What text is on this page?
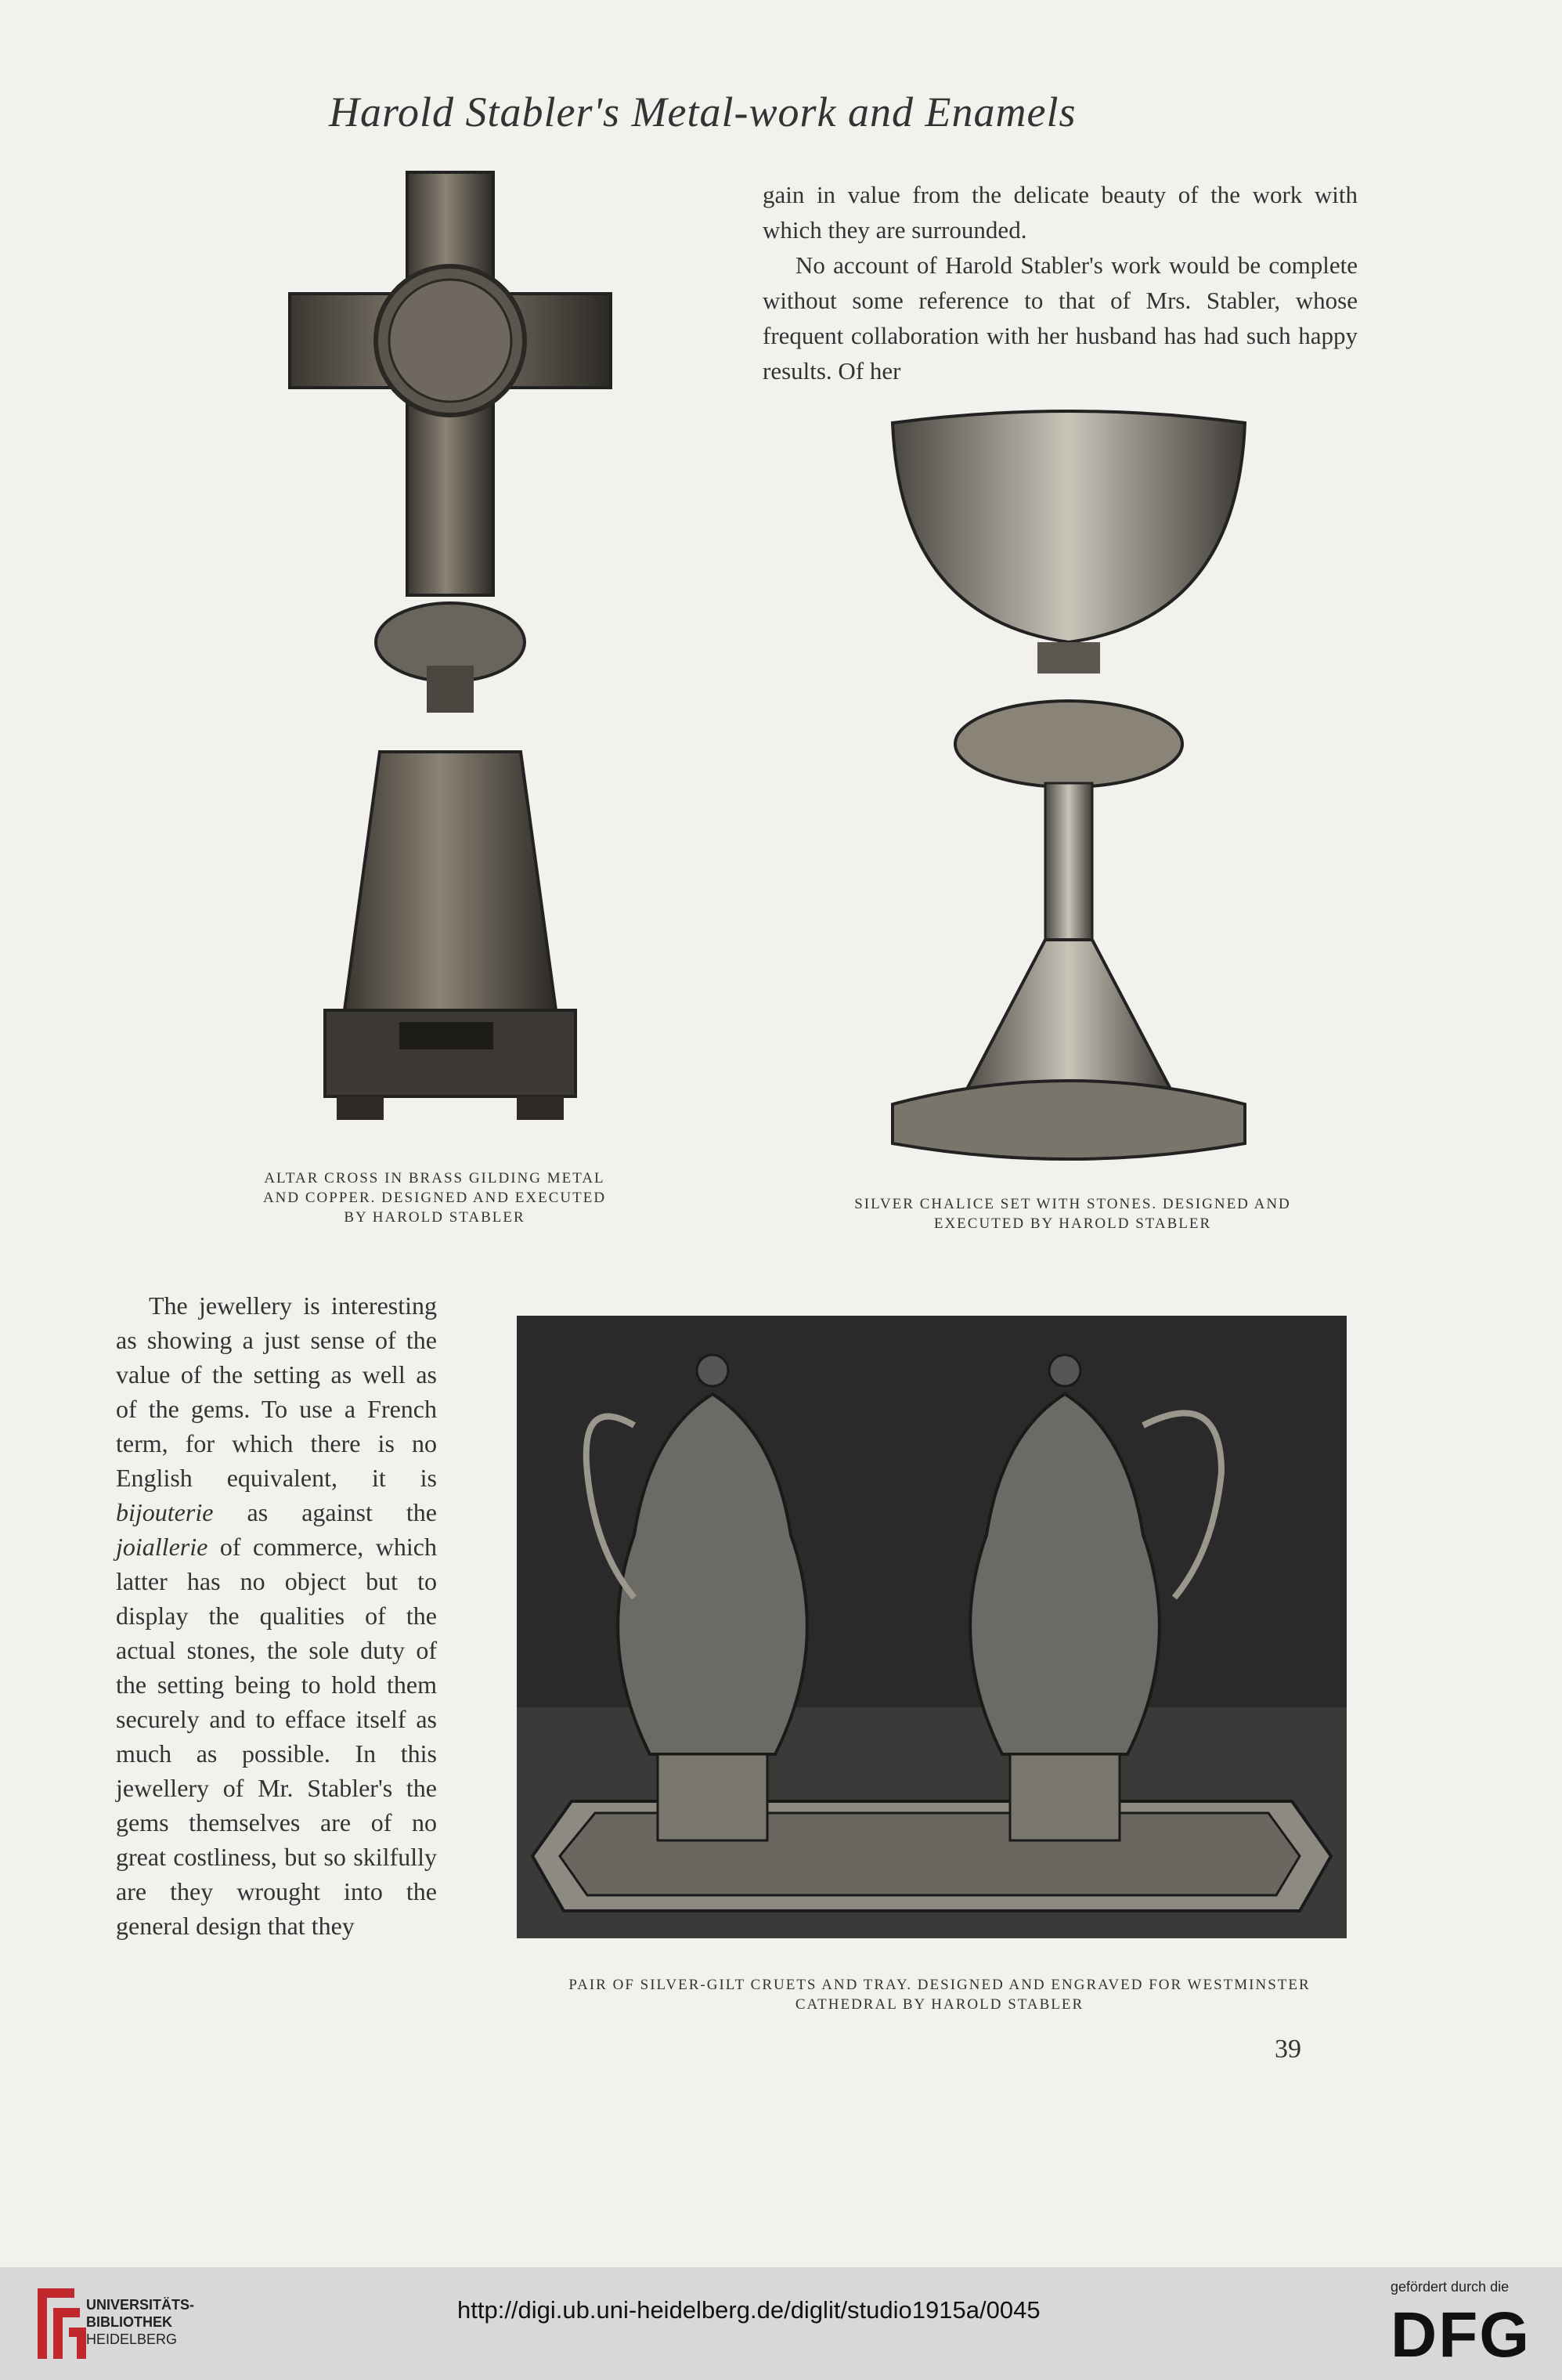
Harold Stabler's Metal-work and Enamels

gain in value from the delicate beauty of the work with which they are surrounded.

No account of Harold Stabler's work would be complete without some reference to that of Mrs. Stabler, whose frequent collaboration with her husband has had such happy results. Of her

The jewellery is interesting as showing a just sense of the value of the setting as well as of the gems. To use a French term, for which there is no English equivalent, it is bijouterie as against the joiallerie of commerce, which latter has no object but to display the qualities of the actual stones, the sole duty of the setting being to hold them securely and to efface itself as much as possible. In this jewellery of Mr. Stabler's the gems themselves are of no great costliness, but so skilfully are they wrought into the general design that they

ALTAR CROSS IN BRASS GILDING METAL AND COPPER. DESIGNED AND EXECUTED BY HAROLD STABLER
SILVER CHALICE SET WITH STONES. DESIGNED AND EXECUTED BY HAROLD STABLER
PAIR OF SILVER-GILT CRUETS AND TRAY. DESIGNED AND ENGRAVED FOR WESTMINSTER CATHEDRAL BY HAROLD STABLER
39
UNIVERSITÄTS-
BIBLIOTHEK
HEIDELBERG
http://digi.ub.uni-heidelberg.de/diglit/studio1915a/0045
gefördert durch die
DFG
